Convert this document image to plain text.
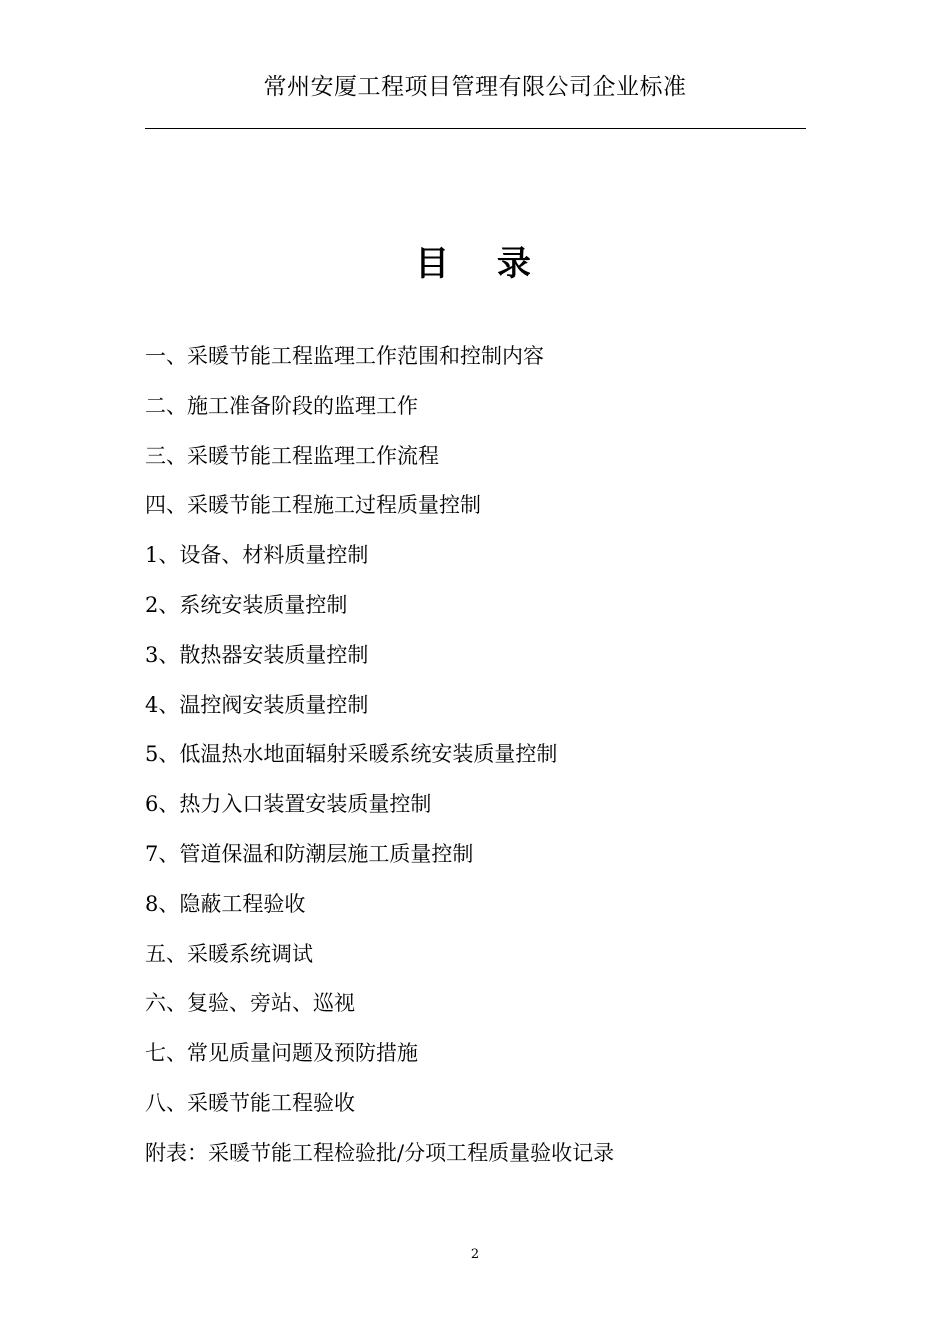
常州安厦工程项目管理有限公司企业标准
目 录
一、采暖节能工程监理工作范围和控制内容
二、施工准备阶段的监理工作
三、采暖节能工程监理工作流程
四、采暖节能工程施工过程质量控制
1、设备、材料质量控制
2、系统安装质量控制
3、散热器安装质量控制
4、温控阀安装质量控制
5、低温热水地面辐射采暖系统安装质量控制
6、热力入口装置安装质量控制
7、管道保温和防潮层施工质量控制
8、隐蔽工程验收
五、采暖系统调试
六、复验、旁站、巡视
七、常见质量问题及预防措施
八、采暖节能工程验收
附表：采暖节能工程检验批/分项工程质量验收记录
2
